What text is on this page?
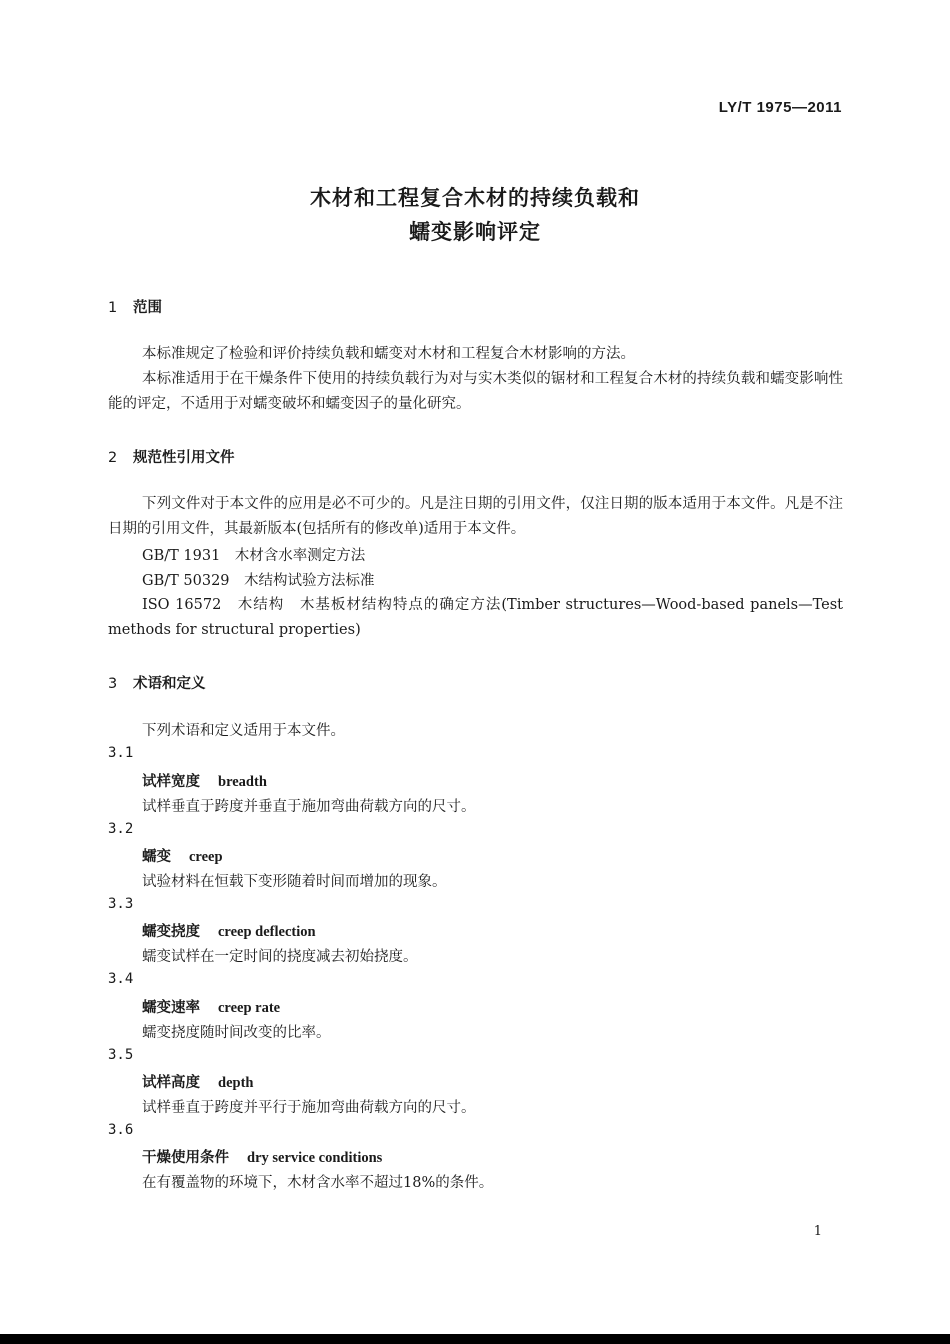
LY/T 1975—2011
木材和工程复合木材的持续负载和
蠕变影响评定
1 范围
本标准规定了检验和评价持续负载和蠕变对木材和工程复合木材影响的方法。
本标准适用于在干燥条件下使用的持续负载行为对与实木类似的锯材和工程复合木材的持续负载和蠕变影响性能的评定，不适用于对蠕变破坏和蠕变因子的量化研究。
2 规范性引用文件
下列文件对于本文件的应用是必不可少的。凡是注日期的引用文件，仅注日期的版本适用于本文件。凡是不注日期的引用文件，其最新版本(包括所有的修改单)适用于本文件。
GB/T 1931　木材含水率测定方法
GB/T 50329　木结构试验方法标准
ISO 16572　木结构　木基板材结构特点的确定方法(Timber structures—Wood-based panels—Test methods for structural properties)
3 术语和定义
下列术语和定义适用于本文件。
3.1
试样宽度 breadth
试样垂直于跨度并垂直于施加弯曲荷载方向的尺寸。
3.2
蠕变 creep
试验材料在恒载下变形随着时间而增加的现象。
3.3
蠕变挠度 creep deflection
蠕变试样在一定时间的挠度减去初始挠度。
3.4
蠕变速率 creep rate
蠕变挠度随时间改变的比率。
3.5
试样高度 depth
试样垂直于跨度并平行于施加弯曲荷载方向的尺寸。
3.6
干燥使用条件 dry service conditions
在有覆盖物的环境下，木材含水率不超过18%的条件。
1
